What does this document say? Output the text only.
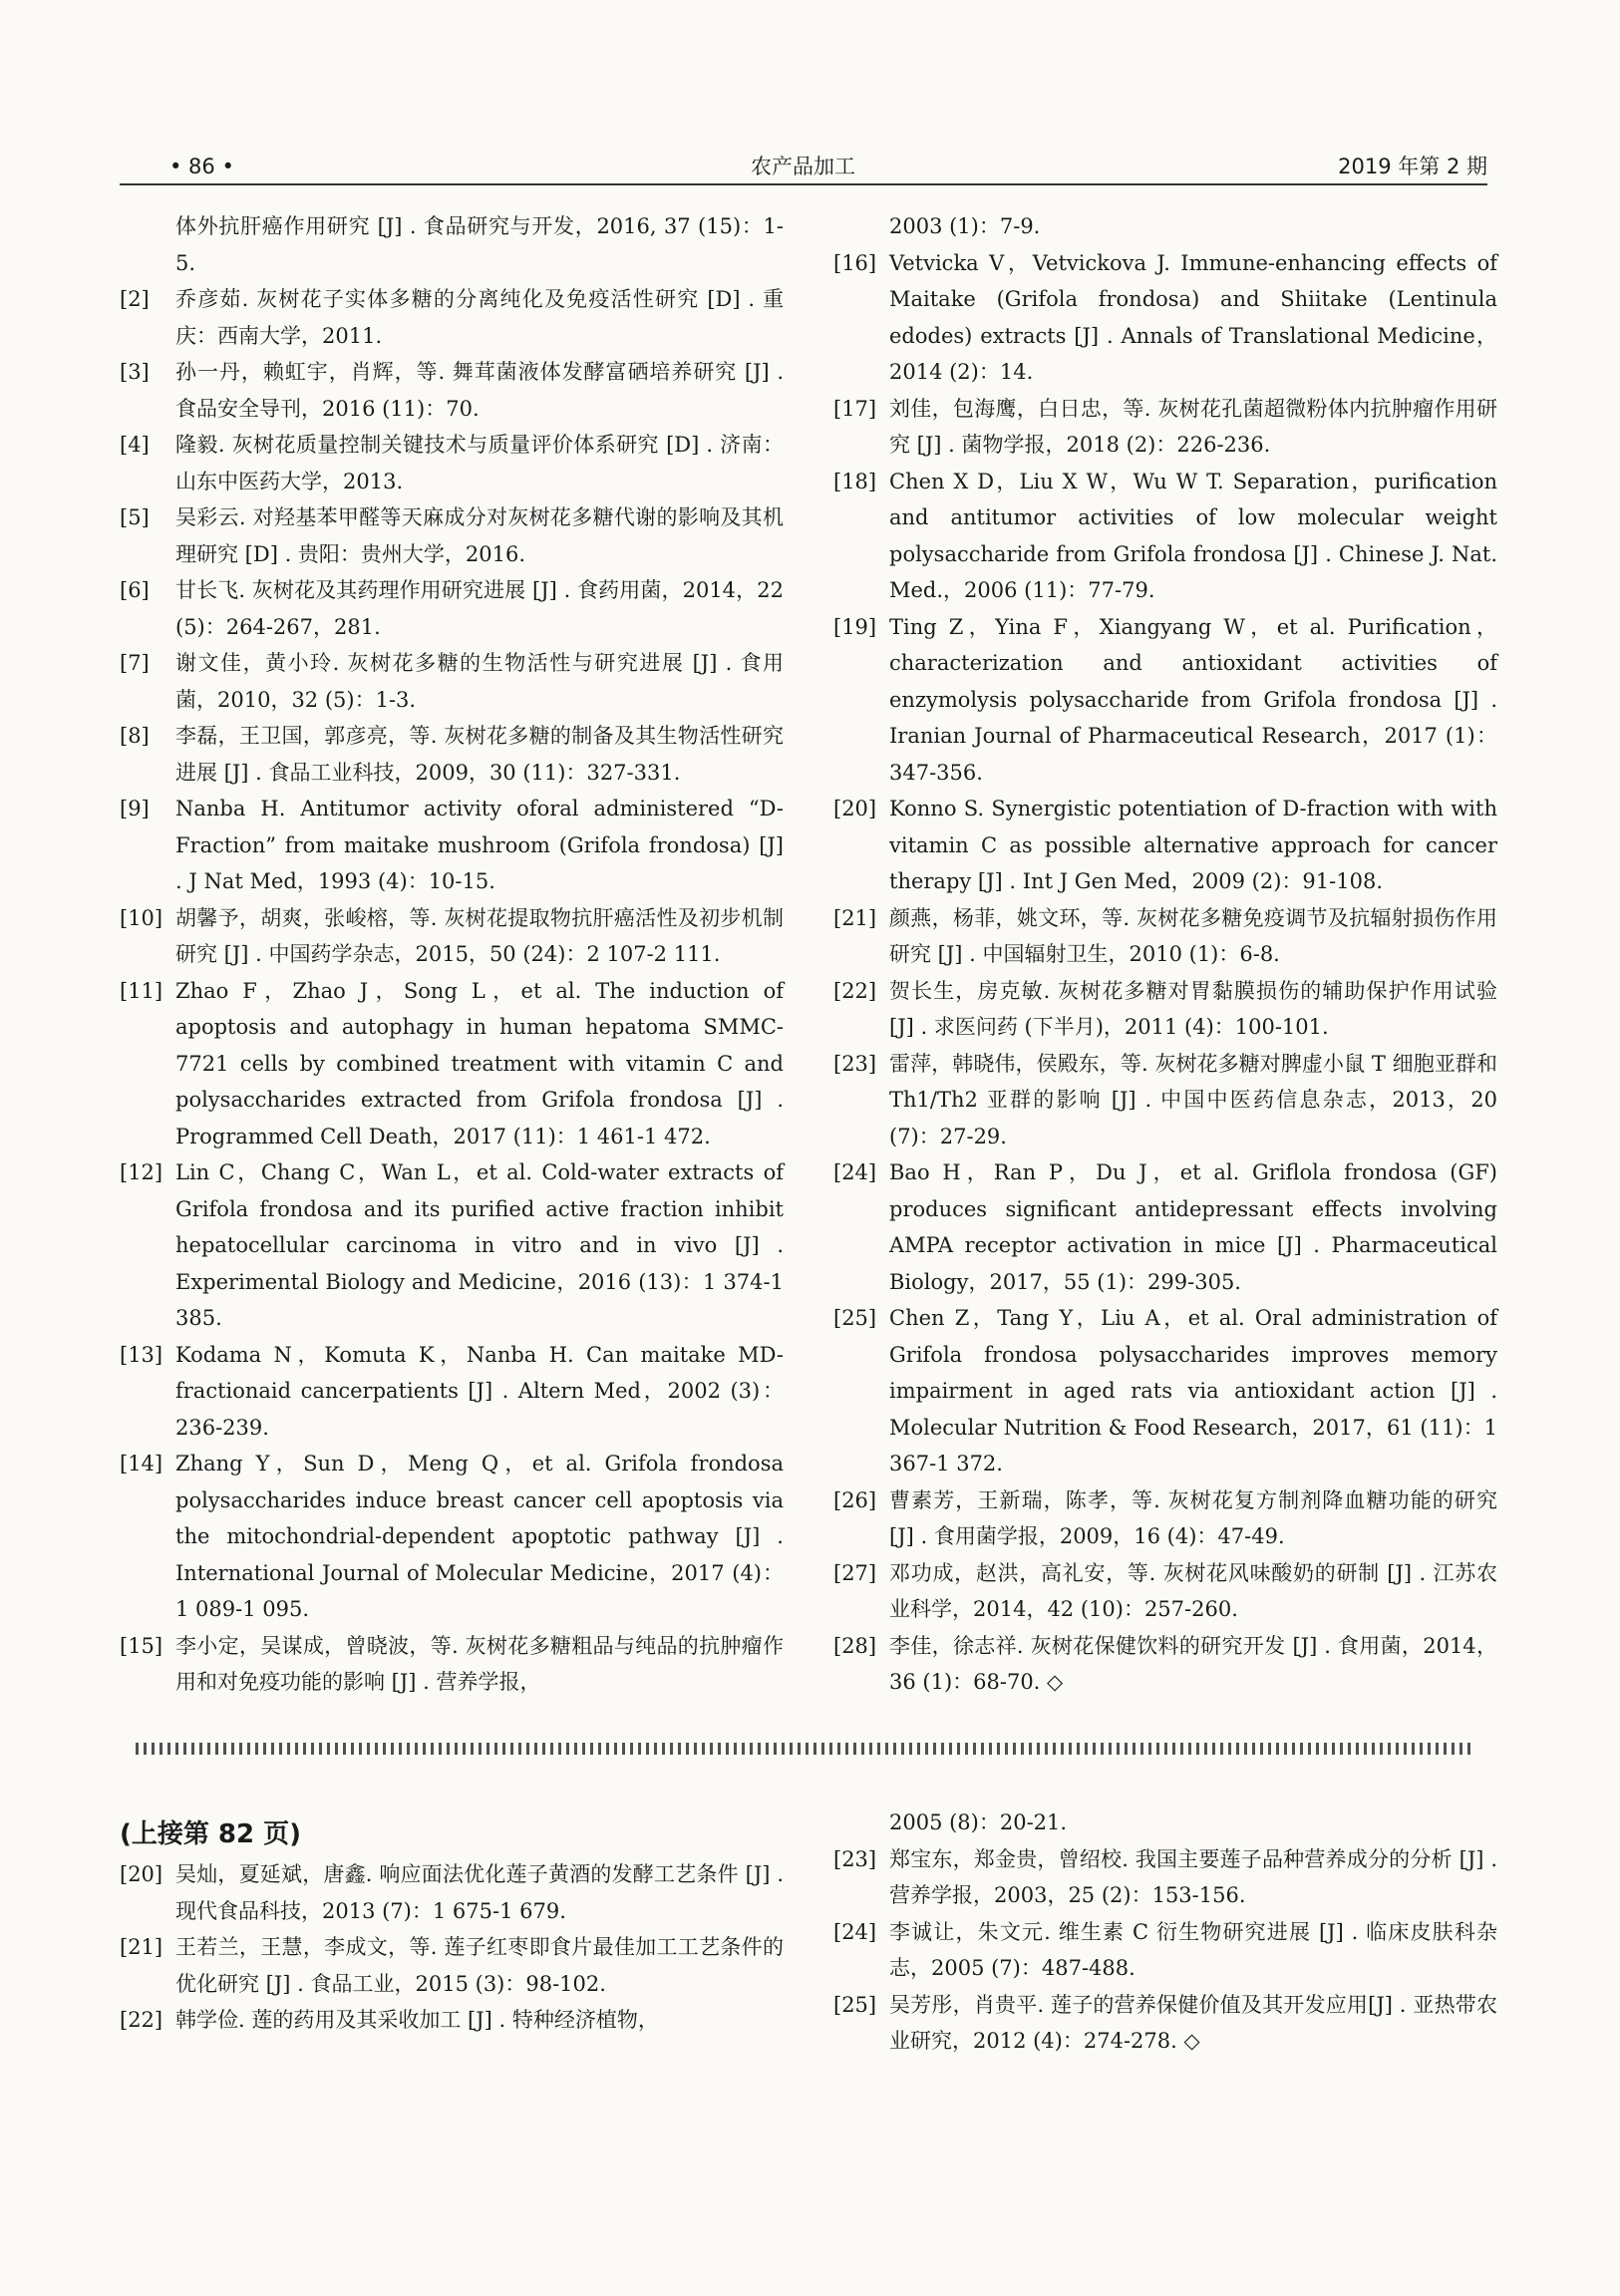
• 86 •	农产品加工	2019 年第 2 期
体外抗肝癌作用研究 [J] . 食品研究与开发，2016, 37 (15)：1-5.
[2]	乔彦茹. 灰树花子实体多糖的分离纯化及免疫活性研究 [D] . 重庆：西南大学，2011.
[3]	孙一丹，赖虹宇，肖辉，等. 舞茸菌液体发酵富硒培养研究 [J] . 食品安全导刊，2016 (11)：70.
[4]	隆毅. 灰树花质量控制关键技术与质量评价体系研究 [D] . 济南：山东中医药大学，2013.
[5]	吴彩云. 对羟基苯甲醛等天麻成分对灰树花多糖代谢的影响及其机理研究 [D] . 贵阳：贵州大学，2016.
[6]	甘长飞. 灰树花及其药理作用研究进展 [J] . 食药用菌，2014，22 (5)：264-267，281.
[7]	谢文佳，黄小玲. 灰树花多糖的生物活性与研究进展 [J] . 食用菌，2010，32 (5)：1-3.
[8]	李磊，王卫国，郭彦亮，等. 灰树花多糖的制备及其生物活性研究进展 [J] . 食品工业科技，2009，30 (11)：327-331.
[9]	Nanba H. Antitumor activity oforal administered “D-Fraction” from maitake mushroom (Grifola frondosa) [J] . J Nat Med，1993 (4)：10-15.
[10] 胡馨予，胡爽，张峻榕，等. 灰树花提取物抗肝癌活性及初步机制研究 [J] . 中国药学杂志，2015，50 (24)：2 107-2 111.
[11] Zhao F，Zhao J，Song L，et al. The induction of apoptosis and autophagy in human hepatoma SMMC-7721 cells by combined treatment with vitamin C and polysaccharides extracted from Grifola frondosa [J] . Programmed Cell Death，2017 (11)：1 461-1 472.
[12] Lin C，Chang C，Wan L，et al. Cold-water extracts of Grifola frondosa and its purified active fraction inhibit hepatocellular carcinoma in vitro and in vivo [J] . Experimental Biology and Medicine，2016 (13)：1 374-1 385.
[13] Kodama N，Komuta K，Nanba H. Can maitake MD-fractionaid cancerpatients [J] . Altern Med，2002 (3)：236-239.
[14] Zhang Y，Sun D，Meng Q，et al. Grifola frondosa polysaccharides induce breast cancer cell apoptosis via the mitochondrial-dependent apoptotic pathway [J] . International Journal of Molecular Medicine，2017 (4)：1 089-1 095.
[15] 李小定，吴谋成，曾晓波，等. 灰树花多糖粗品与纯品的抗肿瘤作用和对免疫功能的影响 [J] . 营养学报，
2003 (1)：7-9.
[16] Vetvicka V，Vetvickova J. Immune-enhancing effects of Maitake (Grifola frondosa) and Shiitake (Lentinula edodes) extracts [J] . Annals of Translational Medicine，2014 (2)：14.
[17] 刘佳，包海鹰，白日忠，等. 灰树花孔菌超微粉体内抗肿瘤作用研究 [J] . 菌物学报，2018 (2)：226-236.
[18] Chen X D，Liu X W，Wu W T. Separation，purification and antitumor activities of low molecular weight polysaccharide from Grifola frondosa [J] . Chinese J. Nat. Med.，2006 (11)：77-79.
[19] Ting Z，Yina F，Xiangyang W，et al. Purification，characterization and antioxidant activities of enzymolysis polysaccharide from Grifola frondosa [J] . Iranian Journal of Pharmaceutical Research，2017 (1)：347-356.
[20] Konno S. Synergistic potentiation of D-fraction with with vitamin C as possible alternative approach for cancer therapy [J] . Int J Gen Med，2009 (2)：91-108.
[21] 颜燕，杨菲，姚文环，等. 灰树花多糖免疫调节及抗辐射损伤作用研究 [J] . 中国辐射卫生，2010 (1)：6-8.
[22] 贺长生，房克敏. 灰树花多糖对胃黏膜损伤的辅助保护作用试验 [J] . 求医问药 (下半月)，2011 (4)：100-101.
[23] 雷萍，韩晓伟，侯殿东，等. 灰树花多糖对脾虚小鼠 T 细胞亚群和 Th1/Th2 亚群的影响 [J] . 中国中医药信息杂志，2013，20 (7)：27-29.
[24] Bao H，Ran P，Du J，et al. Griflola frondosa (GF) produces significant antidepressant effects involving AMPA receptor activation in mice [J] . Pharmaceutical Biology，2017，55 (1)：299-305.
[25] Chen Z，Tang Y，Liu A，et al. Oral administration of Grifola frondosa polysaccharides improves memory impairment in aged rats via antioxidant action [J] . Molecular Nutrition & Food Research，2017，61 (11)：1 367-1 372.
[26] 曹素芳，王新瑞，陈孝，等. 灰树花复方制剂降血糖功能的研究 [J] . 食用菌学报，2009，16 (4)：47-49.
[27] 邓功成，赵洪，高礼安，等. 灰树花风味酸奶的研制 [J] . 江苏农业科学，2014，42 (10)：257-260.
[28] 李佳，徐志祥. 灰树花保健饮料的研究开发 [J] . 食用菌，2014，36 (1)：68-70. ◇
(上接第 82 页)
[20] 吴灿，夏延斌，唐鑫. 响应面法优化莲子黄酒的发酵工艺条件 [J] . 现代食品科技，2013 (7)：1 675-1 679.
[21] 王若兰，王慧，李成文，等. 莲子红枣即食片最佳加工工艺条件的优化研究 [J] . 食品工业，2015 (3)：98-102.
[22] 韩学俭. 莲的药用及其采收加工 [J] . 特种经济植物，
2005 (8)：20-21.
[23] 郑宝东，郑金贵，曾绍校. 我国主要莲子品种营养成分的分析 [J] . 营养学报，2003，25 (2)：153-156.
[24] 李诚让，朱文元. 维生素 C 衍生物研究进展 [J] . 临床皮肤科杂志，2005 (7)：487-488.
[25] 吴芳彤，肖贵平. 莲子的营养保健价值及其开发应用[J] . 亚热带农业研究，2012 (4)：274-278. ◇
